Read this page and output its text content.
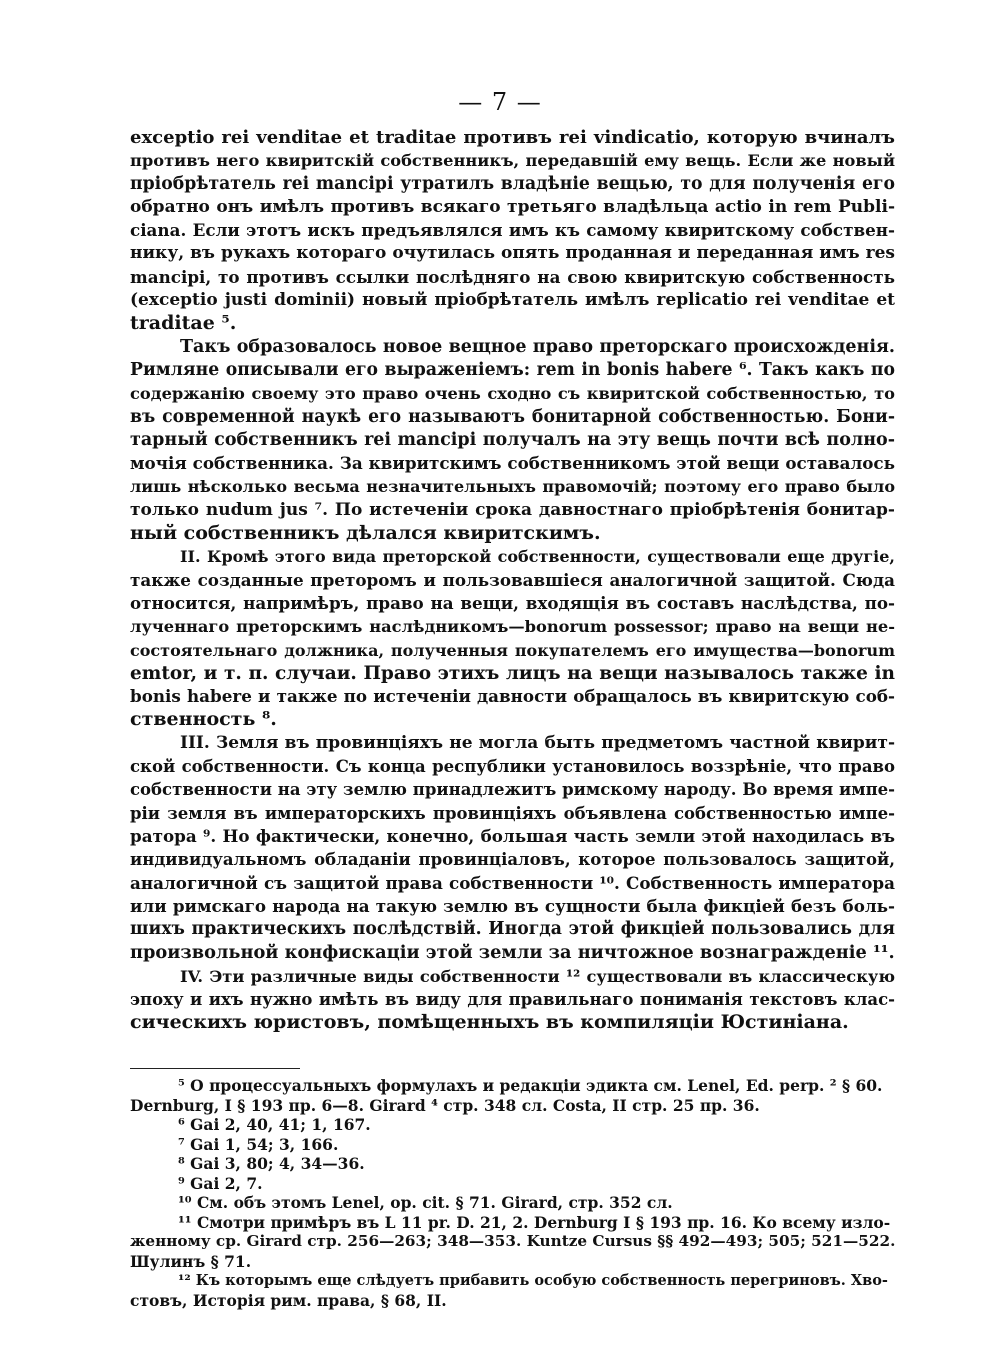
— 7 —
exceptio rei venditae et traditae противъ rei vindicatio, которую вчиналъ
противъ него квиритскій собственникъ, передавшій ему вещь. Если же новый
пріобрѣтатель rei mancipi утратилъ владѣніе вещью, то для полученія его
обратно онъ имѣлъ противъ всякаго третьяго владѣльца actio in rem Publi-
ciana. Если этотъ искъ предъявлялся имъ къ самому квиритскому собствен-
нику, въ рукахъ котораго очутилась опять проданная и переданная имъ res
mancipi, то противъ ссылки послѣдняго на свою квиритскую собственность
(exceptio justi dominii) новый пріобрѣтатель имѣлъ replicatio rei venditae et
traditae ⁵.
Такъ образовалось новое вещное право преторскаго происхожденія.
Римляне описывали его выраженіемъ: rem in bonis habere ⁶. Такъ какъ по
содержанію своему это право очень сходно съ квиритской собственностью, то
въ современной наукѣ его называютъ бонитарной собственностью. Бони-
тарный собственникъ rei mancipi получалъ на эту вещь почти всѣ полно-
мочія собственника. За квиритскимъ собственникомъ этой вещи оставалось
лишь нѣсколько весьма незначительныхъ правомочій; поэтому его право было
только nudum jus ⁷. По истеченіи срока давностнаго пріобрѣтенія бонитар-
ный собственникъ дѣлался квиритскимъ.
II. Кромѣ этого вида преторской собственности, существовали еще другіе,
также созданные преторомъ и пользовавшіеся аналогичной защитой. Сюда
относится, напримѣръ, право на вещи, входящія въ составъ наслѣдства, по-
лученнаго преторскимъ наслѣдникомъ—bonorum possessor; право на вещи не-
состоятельнаго должника, полученныя покупателемъ его имущества—bonorum
emtor, и т. п. случаи. Право этихъ лицъ на вещи называлось также in
bonis habere и также по истеченіи давности обращалось въ квиритскую соб-
ственность ⁸.
III. Земля въ провинціяхъ не могла быть предметомъ частной квирит-
ской собственности. Съ конца республики установилось воззрѣніе, что право
собственности на эту землю принадлежитъ римскому народу. Во время импе-
ріи земля въ императорскихъ провинціяхъ объявлена собственностью импе-
ратора ⁹. Но фактически, конечно, большая часть земли этой находилась въ
индивидуальномъ обладаніи провинціаловъ, которое пользовалось защитой,
аналогичной съ защитой права собственности ¹⁰. Собственность императора
или римскаго народа на такую землю въ сущности была фикціей безъ боль-
шихъ практическихъ послѣдствій. Иногда этой фикціей пользовались для
произвольной конфискаціи этой земли за ничтожное вознагражденіе ¹¹.
IV. Эти различные виды собственности ¹² существовали въ классическую
эпоху и ихъ нужно имѣть въ виду для правильнаго пониманія текстовъ клас-
сическихъ юристовъ, помѣщенныхъ въ компиляціи Юстиніана.
⁵ О процессуальныхъ формулахъ и редакціи эдикта см. Lenel, Ed. perp. ² § 60.
Dernburg, I § 193 пр. 6—8. Girard ⁴ стр. 348 сл. Costa, II стр. 25 пр. 36.
⁶ Gai 2, 40, 41; 1, 167.
⁷ Gai 1, 54; 3, 166.
⁸ Gai 3, 80; 4, 34—36.
⁹ Gai 2, 7.
¹⁰ См. объ этомъ Lenel, op. cit. § 71. Girard, стр. 352 сл.
¹¹ Смотри примѣръ въ L 11 pr. D. 21, 2. Dernburg I § 193 пр. 16. Ко всему изло-
женному ср. Girard стр. 256—263; 348—353. Kuntze Cursus §§ 492—493; 505; 521—522.
Шулинъ § 71.
¹² Къ которымъ еще слѣдуетъ прибавить особую собственность перегриновъ. Хво-
стовъ, Исторія рим. права, § 68, II.
